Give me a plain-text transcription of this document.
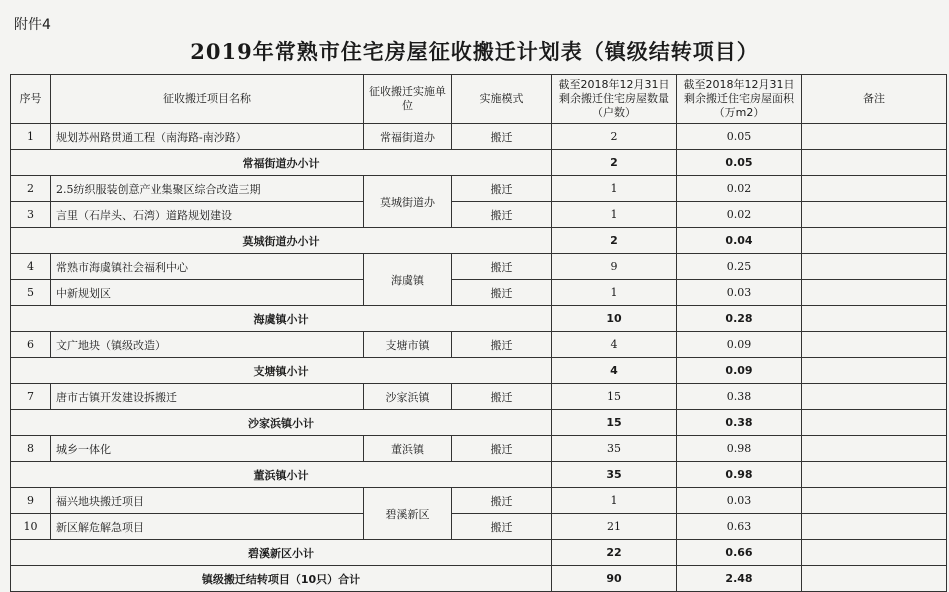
附件4
2019年常熟市住宅房屋征收搬迁计划表（镇级结转项目）
序号	征收搬迁项目名称	征收搬迁实施单位	实施模式	截至2018年12月31日剩余搬迁住宅房屋数量（户数）	截至2018年12月31日剩余搬迁住宅房屋面积（万m2）	备注
1	规划苏州路贯通工程（南海路-南沙路）	常福街道办	搬迁	2	0.05	
常福街道办小计				2	0.05	
2	2.5纺织服装创意产业集聚区综合改造三期	莫城街道办	搬迁	1	0.02	
3	言里（石岸头、石湾）道路规划建设		搬迁	1	0.02	
莫城街道办小计				2	0.04	
4	常熟市海虞镇社会福利中心	海虞镇	搬迁	9	0.25	
5	中新规划区		搬迁	1	0.03	
海虞镇小计				10	0.28	
6	文广地块（镇级改造）	支塘市镇	搬迁	4	0.09	
支塘镇小计				4	0.09	
7	唐市古镇开发建设拆搬迁	沙家浜镇	搬迁	15	0.38	
沙家浜镇小计				15	0.38	
8	城乡一体化	董浜镇	搬迁	35	0.98	
董浜镇小计				35	0.98	
9	福兴地块搬迁项目	碧溪新区	搬迁	1	0.03	
10	新区解危解急项目		搬迁	21	0.63	
碧溪新区小计				22	0.66	
镇级搬迁结转项目（10只）合计				90	2.48	
